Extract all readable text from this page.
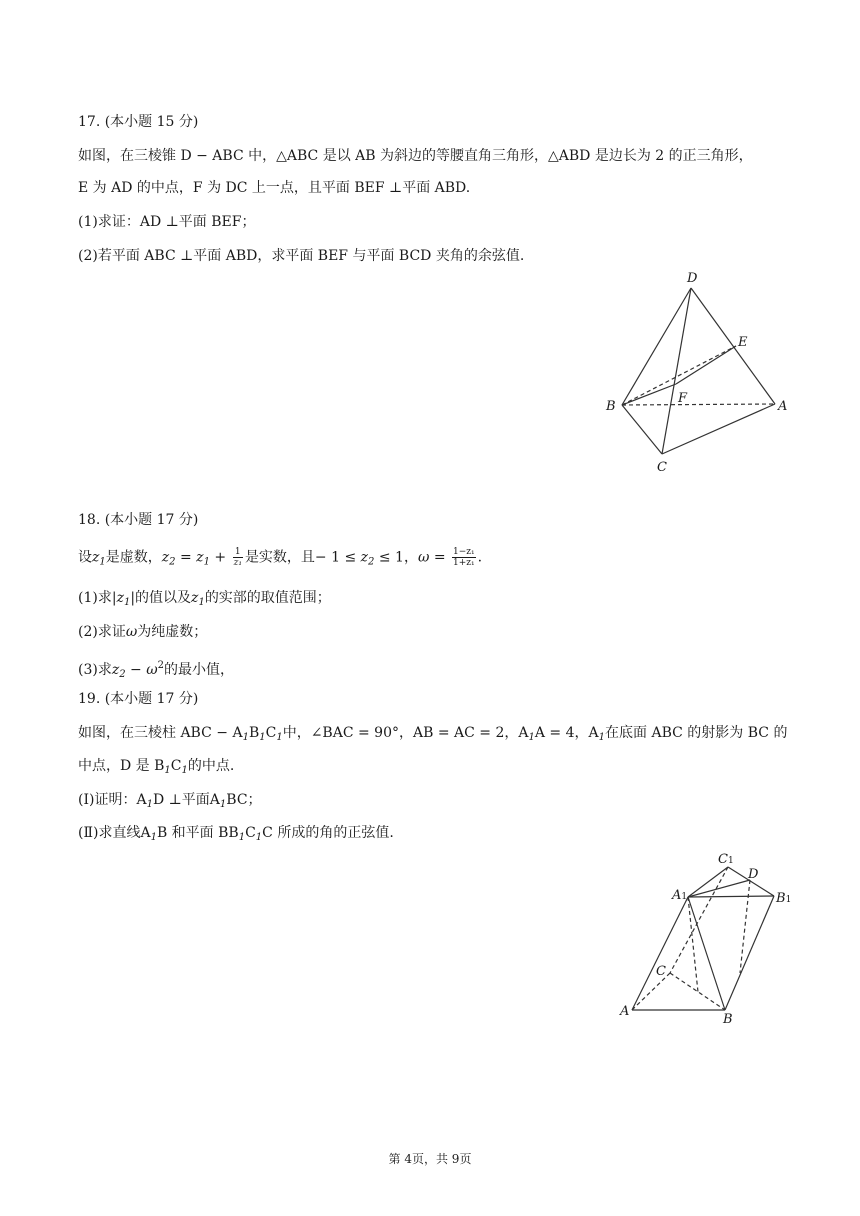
17. (本小题 15 分)
如图，在三棱锥 D − ABC 中，△ABC 是以 AB 为斜边的等腰直角三角形，△ABD 是边长为 2 的正三角形，
E 为 AD 的中点，F 为 DC 上一点，且平面 BEF ⊥平面 ABD.
(1)求证：AD ⊥平面 BEF；
(2)若平面 ABC ⊥平面 ABD，求平面 BEF 与平面 BCD 夹角的余弦值.
D
E
F
B	A
C
18. (本小题 17 分)
设$z_1$是虚数，$z_2 = z_1 + \frac{1}{\text{z₁}}$ 是实数，且− $1 \le z_2 \le 1$，$\omega = \frac{\text{1−z₁}}{\text{1+z₁}}$ .
(1)求$|z_1|$的值以及$z_1$的实部的取值范围；
(2)求证ω为纯虚数；
(3)求$z_2 - \omega^2$的最小值，
19. (本小题 17 分)
如图，在三棱柱 ABC − $A_1B_1C_1$中，∠BAC = 90°，AB = AC = 2，$A_1A = 4$，$A_1$在底面 ABC 的射影为 BC 的
中点，D 是 $B_1C_1$的中点.
(Ⅰ)证明：$A_1D$ ⊥平面$A_1BC$；
(Ⅱ)求直线$A_1B$ 和平面 $BB_1C_1C$ 所成的角的正弦值.
C1
D
A1	B1
C
A
B
第 4页，共 9页
